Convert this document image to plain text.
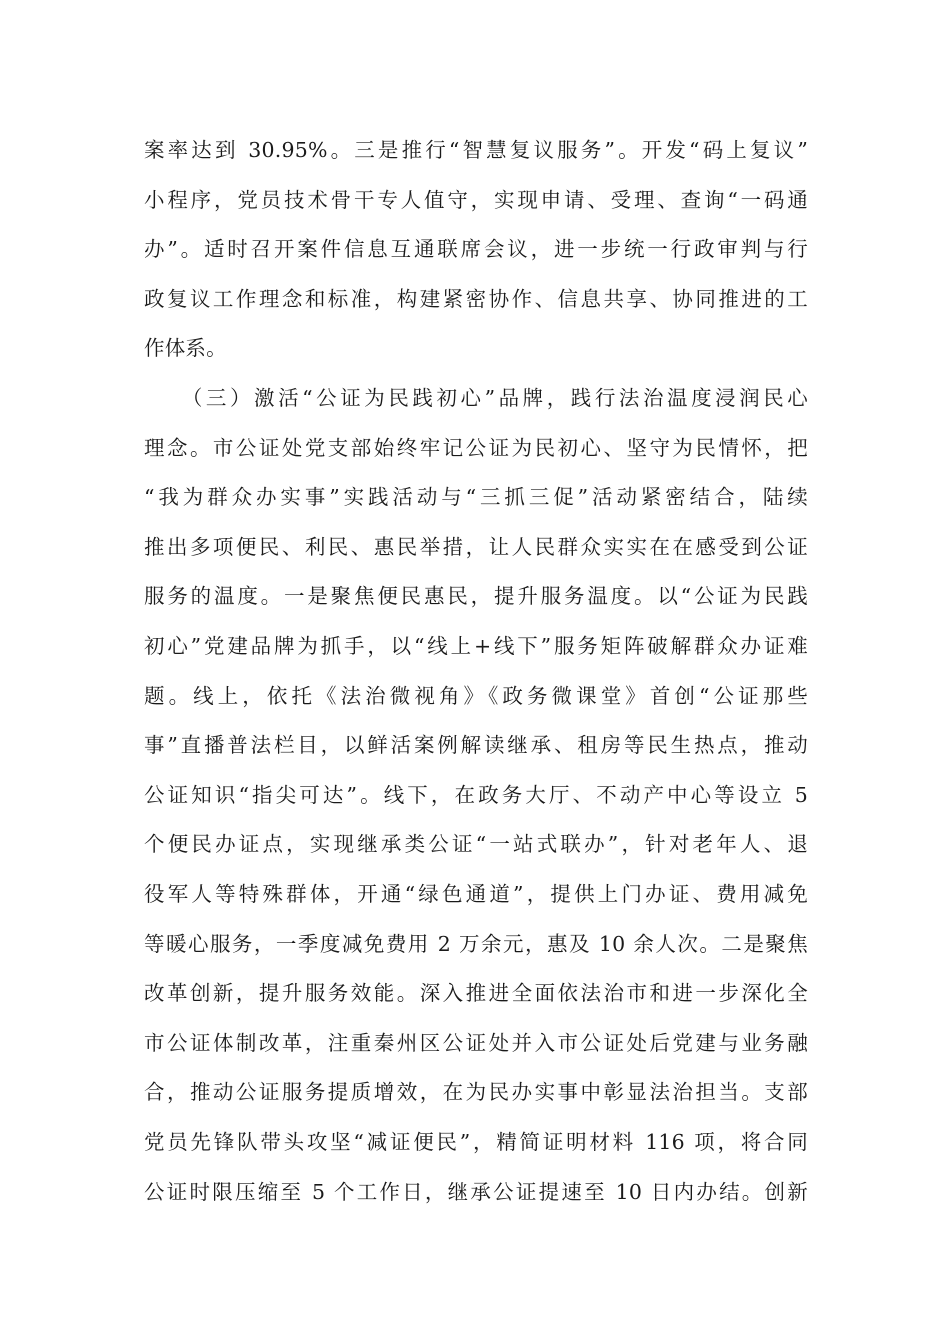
案率达到 30.95%。三是推行“智慧复议服务”。开发“码上复议”
小程序，党员技术骨干专人值守，实现申请、受理、查询“一码通
办”。适时召开案件信息互通联席会议，进一步统一行政审判与行
政复议工作理念和标准，构建紧密协作、信息共享、协同推进的工
作体系。
　　（三）激活“公证为民践初心”品牌，践行法治温度浸润民心
理念。市公证处党支部始终牢记公证为民初心、坚守为民情怀，把
“我为群众办实事”实践活动与“三抓三促”活动紧密结合，陆续
推出多项便民、利民、惠民举措，让人民群众实实在在感受到公证
服务的温度。一是聚焦便民惠民，提升服务温度。以“公证为民践
初心”党建品牌为抓手，以“线上+线下”服务矩阵破解群众办证难
题。线上，依托《法治微视角》《政务微课堂》首创“公证那些
事”直播普法栏目，以鲜活案例解读继承、租房等民生热点，推动
公证知识“指尖可达”。线下，在政务大厅、不动产中心等设立 5
个便民办证点，实现继承类公证“一站式联办”，针对老年人、退
役军人等特殊群体，开通“绿色通道”，提供上门办证、费用减免
等暖心服务，一季度减免费用 2 万余元，惠及 10 余人次。二是聚焦
改革创新，提升服务效能。深入推进全面依法治市和进一步深化全
市公证体制改革，注重秦州区公证处并入市公证处后党建与业务融
合，推动公证服务提质增效，在为民办实事中彰显法治担当。支部
党员先锋队带头攻坚“减证便民”，精简证明材料 116 项，将合同
公证时限压缩至 5 个工作日，继承公证提速至 10 日内办结。创新
